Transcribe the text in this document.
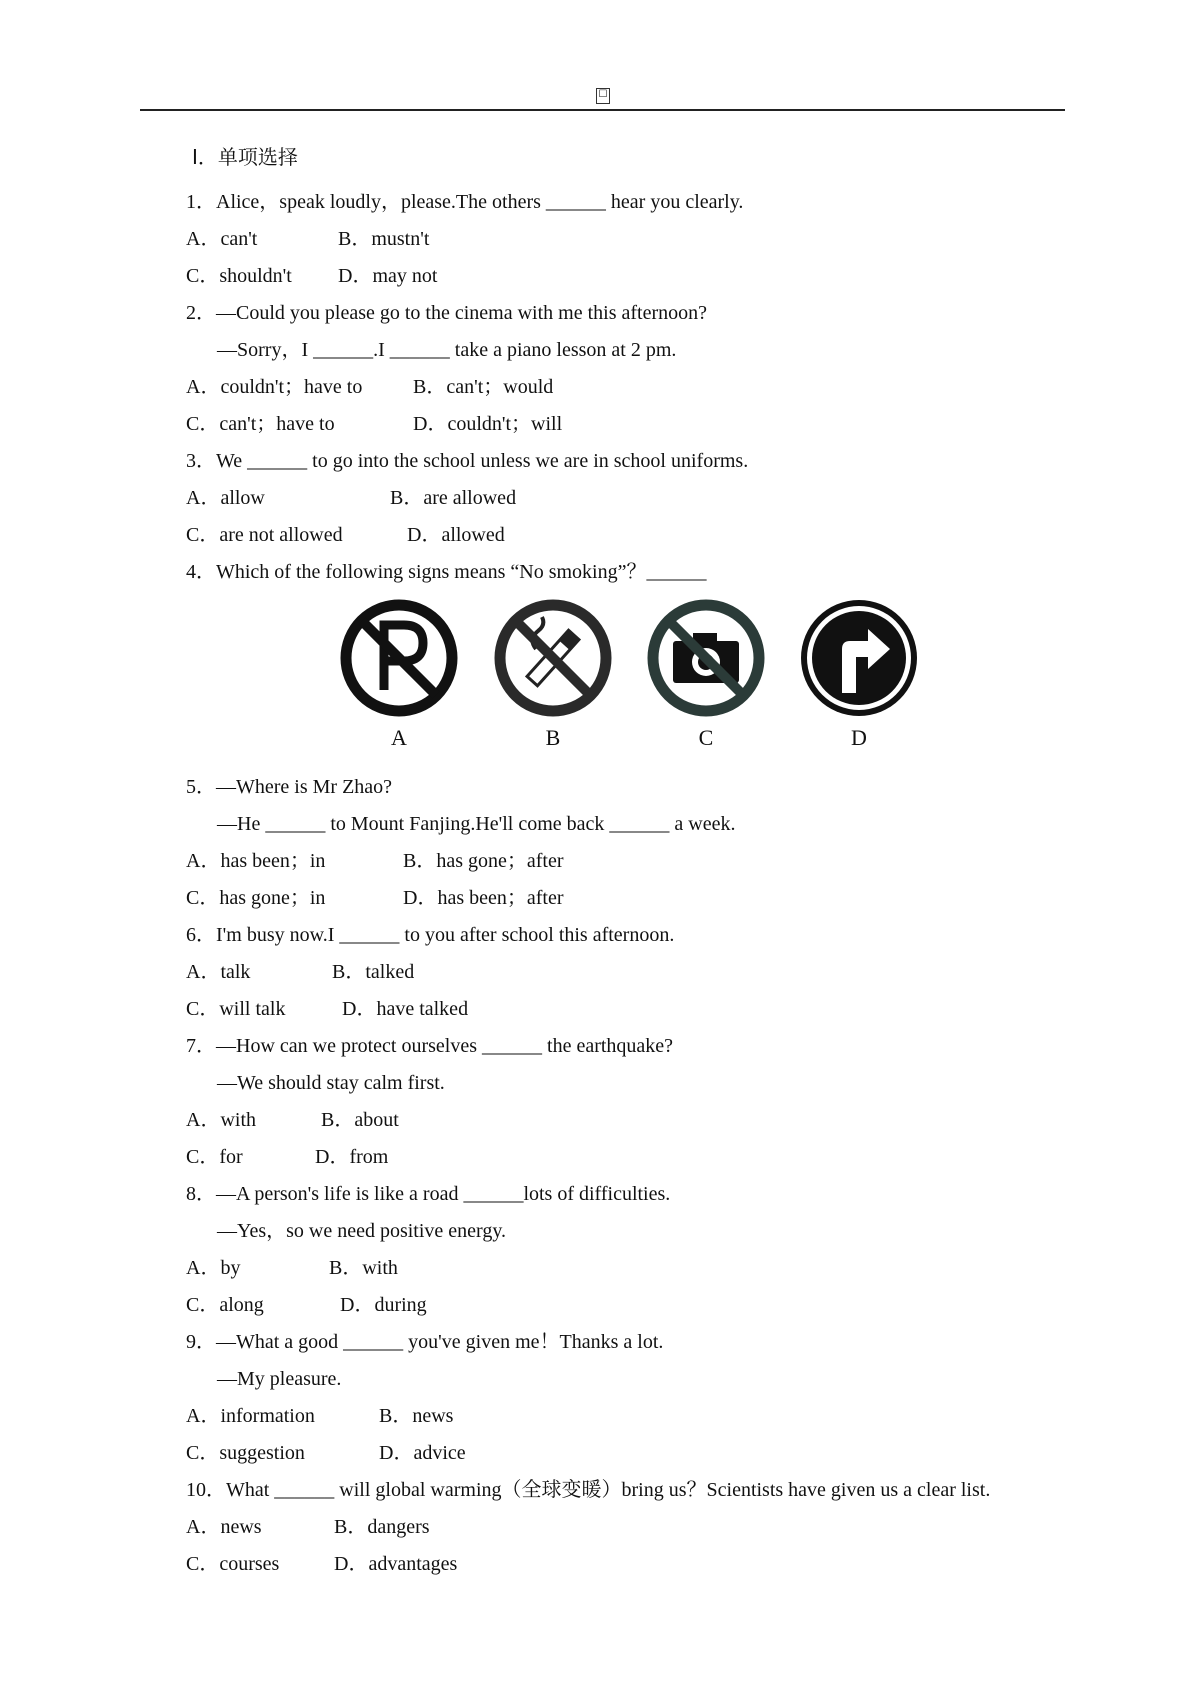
☐
Ⅰ．单项选择
1．Alice，speak loudly，please.The others ______ hear you clearly.
A．can't	B．mustn't
C．shouldn't	D．may not
2．—Could you please go to the cinema with me this afternoon?
—Sorry，I ______.I ______ take a piano lesson at 2 pm.
A．couldn't；have to	B．can't；would
C．can't；have to	D．couldn't；will
3．We ______ to go into the school unless we are in school uniforms.
A．allow	B．are allowed
C．are not allowed	D．allowed
4．Which of the following signs means “No smoking”？______
A	B	C	D
5．—Where is Mr Zhao?
—He ______ to Mount Fanjing.He'll come back ______ a week.
A．has been；in	B．has gone；after
C．has gone；in	D．has been；after
6．I'm busy now.I ______ to you after school this afternoon.
A．talk	B．talked
C．will talk	D．have talked
7．—How can we protect ourselves ______ the earthquake?
—We should stay calm first.
A．with	B．about
C．for	D．from
8．—A person's life is like a road ______lots of difficulties.
—Yes，so we need positive energy.
A．by	B．with
C．along	D．during
9．—What a good ______ you've given me！Thanks a lot.
—My pleasure.
A．information	B．news
C．suggestion	D．advice
10．What ______ will global warming（全球变暖）bring us？Scientists have given us a clear list.
A．news	B．dangers
C．courses	D．advantages
